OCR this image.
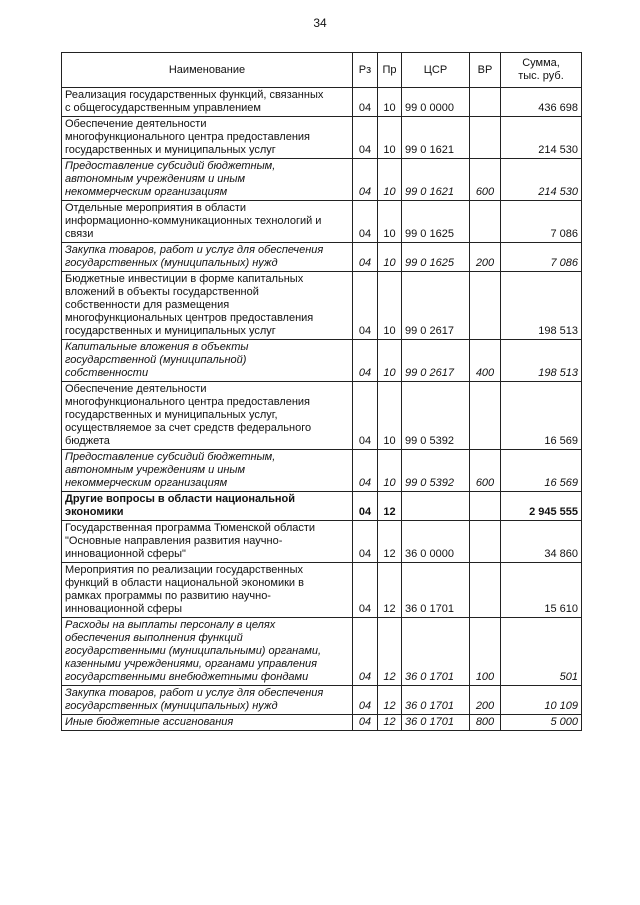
34
Наименование	Рз	Пр	ЦСР	ВР	Сумма,
тыс. руб.

Реализация государственных функций, связанных
с общегосударственным управлением	04	10	99 0 0000		436 698

Обеспечение деятельности
многофункционального центра предоставления
государственных и муниципальных услуг	04	10	99 0 1621		214 530

Предоставление субсидий бюджетным,
автономным учреждениям и иным
некоммерческим организациям	04	10	99 0 1621	600	214 530

Отдельные мероприятия в области
информационно-коммуникационных технологий и
связи	04	10	99 0 1625		7 086

Закупка товаров, работ и услуг для обеспечения
государственных (муниципальных) нужд	04	10	99 0 1625	200	7 086

Бюджетные инвестиции в форме капитальных
вложений в объекты государственной
собственности для размещения
многофункциональных центров предоставления
государственных и муниципальных услуг	04	10	99 0 2617		198 513

Капитальные вложения в объекты
государственной (муниципальной)
собственности	04	10	99 0 2617	400	198 513

Обеспечение деятельности
многофункционального центра предоставления
государственных и муниципальных услуг,
осуществляемое за счет средств федерального
бюджета	04	10	99 0 5392		16 569

Предоставление субсидий бюджетным,
автономным учреждениям и иным
некоммерческим организациям	04	10	99 0 5392	600	16 569

Другие вопросы в области национальной
экономики	04	12			2 945 555

Государственная программа Тюменской области
"Основные направления развития научно-
инновационной сферы"	04	12	36 0 0000		34 860

Мероприятия по реализации государственных
функций в области национальной экономики в
рамках программы по развитию научно-
инновационной сферы	04	12	36 0 1701		15 610

Расходы на выплаты персоналу в целях
обеспечения выполнения функций
государственными (муниципальными) органами,
казенными учреждениями, органами управления
государственными внебюджетными фондами	04	12	36 0 1701	100	501

Закупка товаров, работ и услуг для обеспечения
государственных (муниципальных) нужд	04	12	36 0 1701	200	10 109

Иные бюджетные ассигнования	04	12	36 0 1701	800	5 000
